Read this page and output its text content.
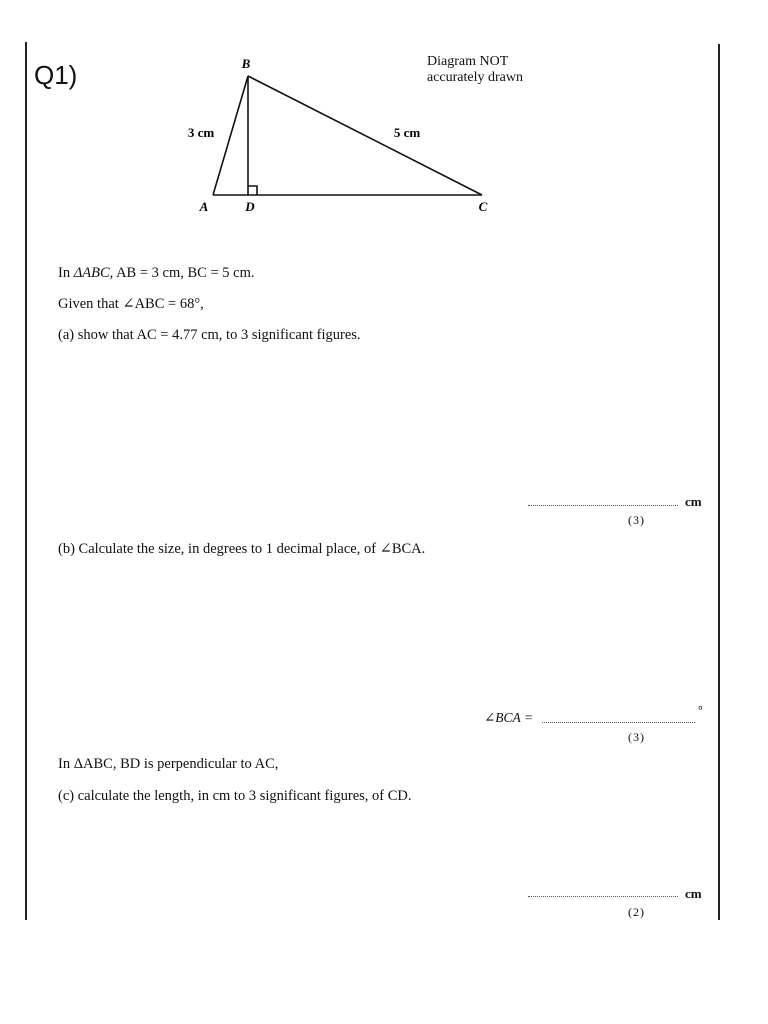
Q1)	B
A	D	C
3 cm	5 cm
Diagram NOT
accurately drawn
In ΔABC, AB = 3 cm, BC = 5 cm.
Given that ∠ABC = 68°,
(a) show that AC = 4.77 cm, to 3 significant figures.
cm
(3)
(b) Calculate the size, in degrees to 1 decimal place, of ∠BCA.
∠BCA =	°
(3)
In ΔABC, BD is perpendicular to AC,
(c) calculate the length, in cm to 3 significant figures, of CD.
cm
(2)
